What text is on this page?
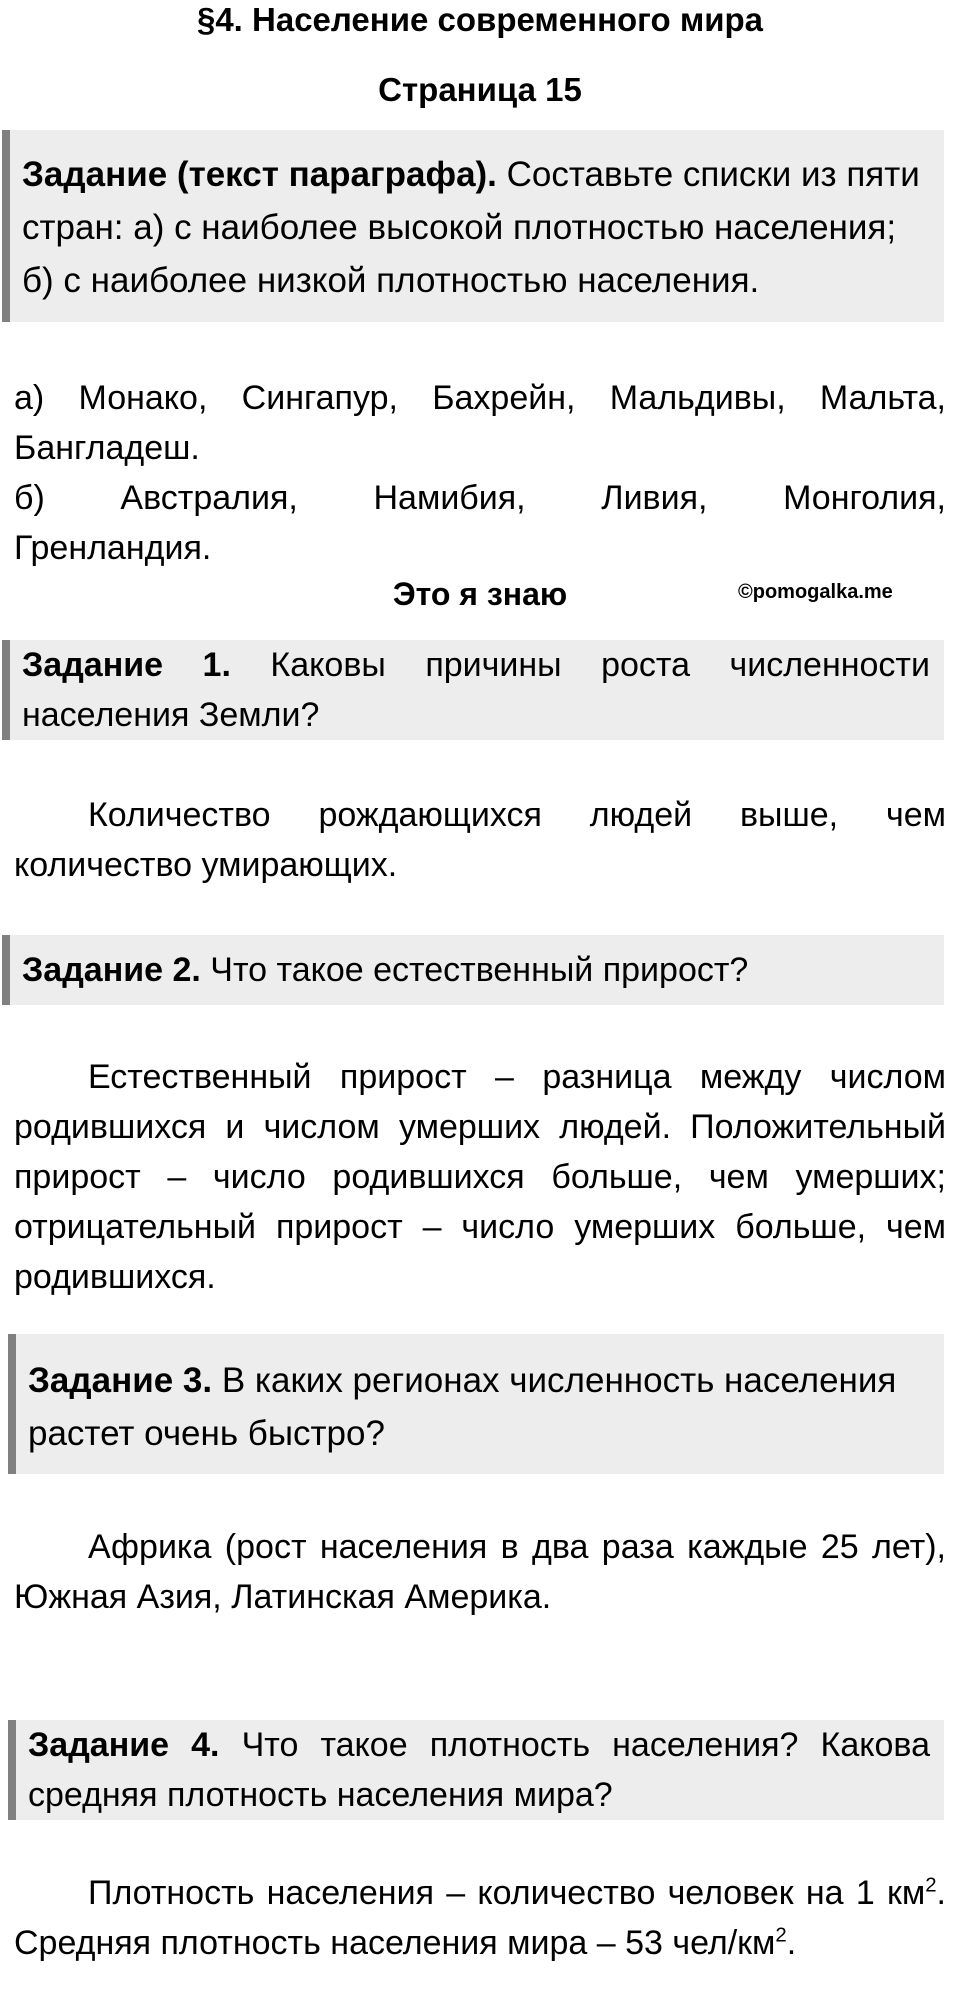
§4. Население современного мира
Страница 15
Задание (текст параграфа). Составьте списки из пяти стран: а) с наиболее высокой плотностью населения; б) с наиболее низкой плотностью населения.
а) Монако, Сингапур, Бахрейн, Мальдивы, Мальта, Бангладеш.
б) Австралия, Намибия, Ливия, Монголия,
Гренландия.
Это я знаю	©pomogalka.me
Задание 1. Каковы причины роста численности населения Земли?
Количество рождающихся людей выше, чем количество умирающих.
Задание 2. Что такое естественный прирост?
Естественный прирост – разница между числом родившихся и числом умерших людей. Положительный прирост – число родившихся больше, чем умерших; отрицательный прирост – число умерших больше, чем родившихся.
Задание 3. В каких регионах численность населения растет очень быстро?
Африка (рост населения в два раза каждые 25 лет), Южная Азия, Латинская Америка.
Задание 4. Что такое плотность населения? Какова средняя плотность населения мира?
Плотность населения – количество человек на 1 $км^2$. Средняя плотность населения мира – 53 чел/$км^2$.
